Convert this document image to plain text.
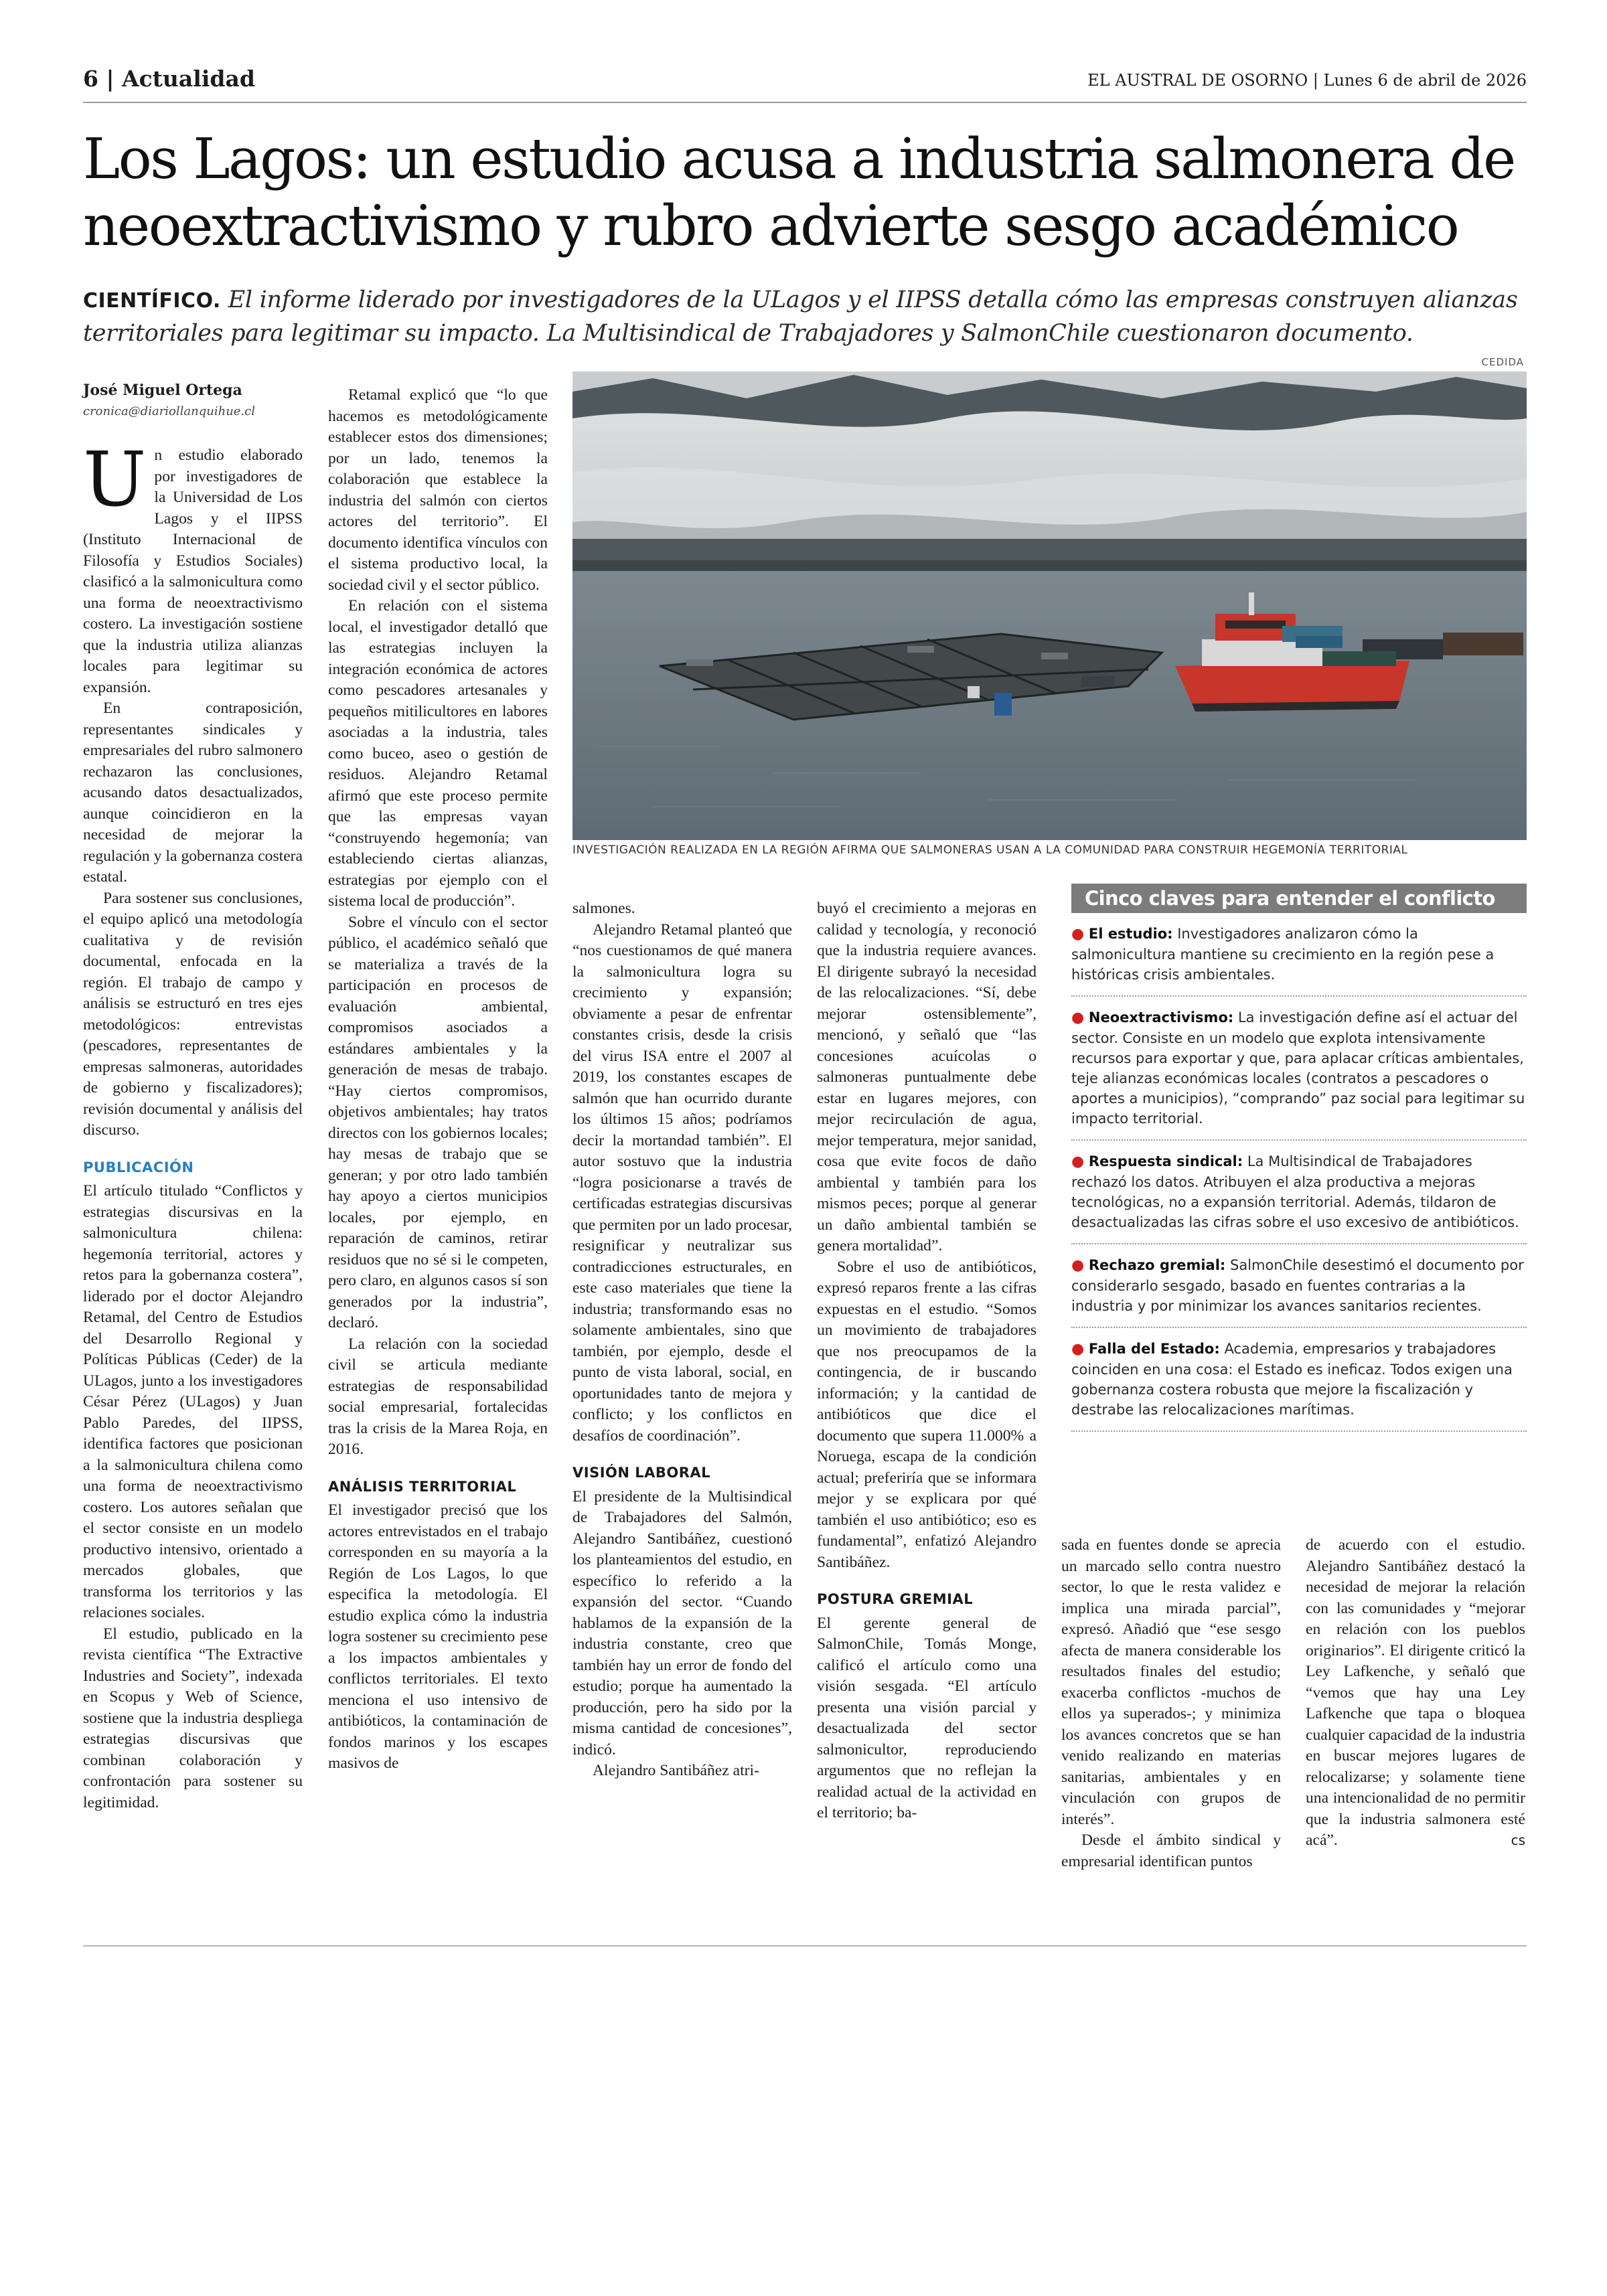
6 | Actualidad	EL AUSTRAL DE OSORNO | Lunes 6 de abril de 2026
Los Lagos: un estudio acusa a industria salmonera de
neoextractivismo y rubro advierte sesgo académico
CIENTÍFICO. El informe liderado por investigadores de la ULagos y el IIPSS detalla cómo las empresas construyen alianzas territoriales para legitimar su impacto. La Multisindical de Trabajadores y SalmonChile cuestionaron documento.
CEDIDA
INVESTIGACIÓN REALIZADA EN LA REGIÓN AFIRMA QUE SALMONERAS USAN A LA COMUNIDAD PARA CONSTRUIR HEGEMONÍA TERRITORIAL
José Miguel Ortega
cronica@diariollanquihue.cl

Un estudio elaborado por investigadores de la Universidad de Los Lagos y el IIPSS (Instituto Internacional de Filosofía y Estudios Sociales) clasificó a la salmonicultura como una forma de neoextractivismo costero. La investigación sostiene que la industria utiliza alianzas locales para legitimar su expansión.

En contraposición, representantes sindicales y empresariales del rubro salmonero rechazaron las conclusiones, acusando datos desactualizados, aunque coincidieron en la necesidad de mejorar la regulación y la gobernanza costera estatal.

Para sostener sus conclusiones, el equipo aplicó una metodología cualitativa y de revisión documental, enfocada en la región. El trabajo de campo y análisis se estructuró en tres ejes metodológicos: entrevistas (pescadores, representantes de empresas salmoneras, autoridades de gobierno y fiscalizadores); revisión documental y análisis del discurso.

PUBLICACIÓN

El artículo titulado “Conflictos y estrategias discursivas en la salmonicultura chilena: hegemonía territorial, actores y retos para la gobernanza costera”, liderado por el doctor Alejandro Retamal, del Centro de Estudios del Desarrollo Regional y Políticas Públicas (Ceder) de la ULagos, junto a los investigadores César Pérez (ULagos) y Juan Pablo Paredes, del IIPSS, identifica factores que posicionan a la salmonicultura chilena como una forma de neoextractivismo costero. Los autores señalan que el sector consiste en un modelo productivo intensivo, orientado a mercados globales, que transforma los territorios y las relaciones sociales.

El estudio, publicado en la revista científica “The Extractive Industries and Society”, indexada en Scopus y Web of Science, sostiene que la industria despliega estrategias discursivas que combinan colaboración y confrontación para sostener su legitimidad.

Retamal explicó que “lo que hacemos es metodológicamente establecer estos dos dimensiones; por un lado, tenemos la colaboración que establece la industria del salmón con ciertos actores del territorio”. El documento identifica vínculos con el sistema productivo local, la sociedad civil y el sector público.

En relación con el sistema local, el investigador detalló que las estrategias incluyen la integración económica de actores como pescadores artesanales y pequeños mitilicultores en labores asociadas a la industria, tales como buceo, aseo o gestión de residuos. Alejandro Retamal afirmó que este proceso permite que las empresas vayan “construyendo hegemonía; van estableciendo ciertas alianzas, estrategias por ejemplo con el sistema local de producción”.

Sobre el vínculo con el sector público, el académico señaló que se materializa a través de la participación en procesos de evaluación ambiental, compromisos asociados a estándares ambientales y la generación de mesas de trabajo. “Hay ciertos compromisos, objetivos ambientales; hay tratos directos con los gobiernos locales; hay mesas de trabajo que se generan; y por otro lado también hay apoyo a ciertos municipios locales, por ejemplo, en reparación de caminos, retirar residuos que no sé si le competen, pero claro, en algunos casos sí son generados por la industria”, declaró.

La relación con la sociedad civil se articula mediante estrategias de responsabilidad social empresarial, fortalecidas tras la crisis de la Marea Roja, en 2016.

ANÁLISIS TERRITORIAL

El investigador precisó que los actores entrevistados en el trabajo corresponden en su mayoría a la Región de Los Lagos, lo que especifica la metodología. El estudio explica cómo la industria logra sostener su crecimiento pese a los impactos ambientales y conflictos territoriales. El texto menciona el uso intensivo de antibióticos, la contaminación de fondos marinos y los escapes masivos de

salmones.

Alejandro Retamal planteó que “nos cuestionamos de qué manera la salmonicultura logra su crecimiento y expansión; obviamente a pesar de enfrentar constantes crisis, desde la crisis del virus ISA entre el 2007 al 2019, los constantes escapes de salmón que han ocurrido durante los últimos 15 años; podríamos decir la mortandad también”. El autor sostuvo que la industria “logra posicionarse a través de certificadas estrategias discursivas que permiten por un lado procesar, resignificar y neutralizar sus contradicciones estructurales, en este caso materiales que tiene la industria; transformando esas no solamente ambientales, sino que también, por ejemplo, desde el punto de vista laboral, social, en oportunidades tanto de mejora y conflicto; y los conflictos en desafíos de coordinación”.

VISIÓN LABORAL

El presidente de la Multisindical de Trabajadores del Salmón, Alejandro Santibáñez, cuestionó los planteamientos del estudio, en específico lo referido a la expansión del sector. “Cuando hablamos de la expansión de la industria constante, creo que también hay un error de fondo del estudio; porque ha aumentado la producción, pero ha sido por la misma cantidad de concesiones”, indicó.

Alejandro Santibáñez atri-

buyó el crecimiento a mejoras en calidad y tecnología, y reconoció que la industria requiere avances. El dirigente subrayó la necesidad de las relocalizaciones. “Sí, debe mejorar ostensiblemente”, mencionó, y señaló que “las concesiones acuícolas o salmoneras puntualmente debe estar en lugares mejores, con mejor recirculación de agua, mejor temperatura, mejor sanidad, cosa que evite focos de daño ambiental y también para los mismos peces; porque al generar un daño ambiental también se genera mortalidad”.

Sobre el uso de antibióticos, expresó reparos frente a las cifras expuestas en el estudio. “Somos un movimiento de trabajadores que nos preocupamos de la contingencia, de ir buscando información; y la cantidad de antibióticos que dice el documento que supera 11.000% a Noruega, escapa de la condición actual; preferiría que se informara mejor y se explicara por qué también el uso antibiótico; eso es fundamental”, enfatizó Alejandro Santibáñez.

POSTURA GREMIAL

El gerente general de SalmonChile, Tomás Monge, calificó el artículo como una visión sesgada. “El artículo presenta una visión parcial y desactualizada del sector salmonicultor, reproduciendo argumentos que no reflejan la realidad actual de la actividad en el territorio; ba-

Cinco claves para entender el conflicto
● El estudio: Investigadores analizaron cómo la salmonicultura mantiene su crecimiento en la región pese a históricas crisis ambientales.
● Neoextractivismo: La investigación define así el actuar del sector. Consiste en un modelo que explota intensivamente recursos para exportar y que, para aplacar críticas ambientales, teje alianzas económicas locales (contratos a pescadores o aportes a municipios), “comprando” paz social para legitimar su impacto territorial.
● Respuesta sindical: La Multisindical de Trabajadores rechazó los datos. Atribuyen el alza productiva a mejoras tecnológicas, no a expansión territorial. Además, tildaron de desactualizadas las cifras sobre el uso excesivo de antibióticos.
● Rechazo gremial: SalmonChile desestimó el documento por considerarlo sesgado, basado en fuentes contrarias a la industria y por minimizar los avances sanitarios recientes.
● Falla del Estado: Academia, empresarios y trabajadores coinciden en una cosa: el Estado es ineficaz. Todos exigen una gobernanza costera robusta que mejore la fiscalización y destrabe las relocalizaciones marítimas.

sada en fuentes donde se aprecia un marcado sello contra nuestro sector, lo que le resta validez e implica una mirada parcial”, expresó. Añadió que “ese sesgo afecta de manera considerable los resultados finales del estudio; exacerba conflictos -muchos de ellos ya superados-; y minimiza los avances concretos que se han venido realizando en materias sanitarias, ambientales y en vinculación con grupos de interés”.

Desde el ámbito sindical y empresarial identifican puntos

de acuerdo con el estudio. Alejandro Santibáñez destacó la necesidad de mejorar la relación con las comunidades y “mejorar en relación con los pueblos originarios”. El dirigente criticó la Ley Lafkenche, y señaló que “vemos que hay una Ley Lafkenche que tapa o bloquea cualquier capacidad de la industria en buscar mejores lugares de relocalizarse; y solamente tiene una intencionalidad de no permitir que la industria salmonera esté acá”.	cs
